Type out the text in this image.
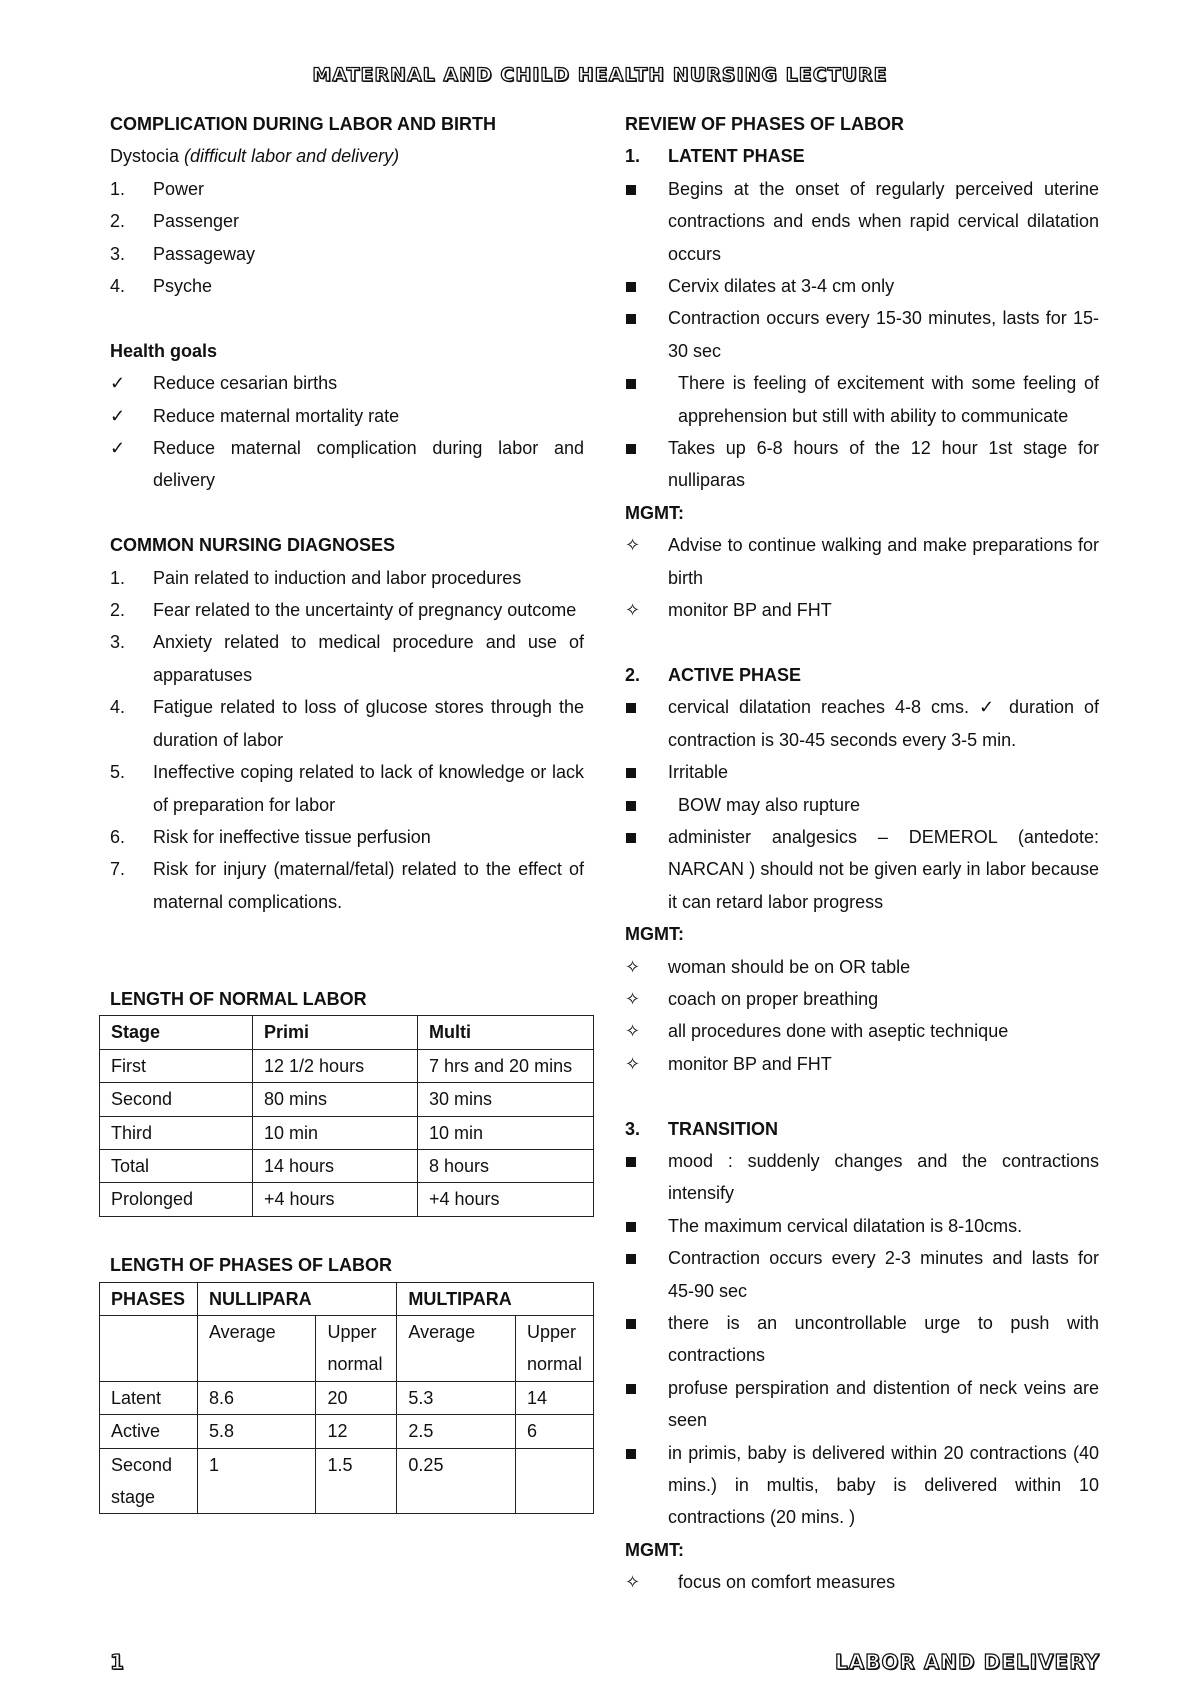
MATERNAL AND CHILD HEALTH NURSING LECTURE
COMPLICATION DURING LABOR AND BIRTH
Dystocia (difficult labor and delivery)
1.	Power
2.	Passenger
3.	Passageway
4.	Psyche
Health goals
✓	Reduce cesarian births
✓	Reduce maternal mortality rate
✓	Reduce maternal complication during labor and delivery
COMMON NURSING DIAGNOSES
1.	Pain related to induction and labor procedures
2.	Fear related to the uncertainty of pregnancy outcome
3.	Anxiety related to medical procedure and use of apparatuses
4.	Fatigue related to loss of glucose stores through the duration of labor
5.	Ineffective coping related to lack of knowledge or lack of preparation for labor
6.	Risk for ineffective tissue perfusion
7.	Risk for injury (maternal/fetal) related to the effect of maternal complications.
LENGTH OF NORMAL LABOR
Stage	Primi	Multi
First	12 1/2 hours	7 hrs and 20 mins
Second	80 mins	30 mins
Third	10 min	10 min
Total	14 hours	8 hours
Prolonged	+4 hours	+4 hours
LENGTH OF PHASES OF LABOR
PHASES	NULLIPARA		MULTIPARA	
	Average	Upper normal	Average	Upper normal
Latent	8.6	20	5.3	14
Active	5.8	12	2.5	6
Second stage	1	1.5	0.25	
REVIEW OF PHASES OF LABOR
1.	LATENT PHASE
Begins at the onset of regularly perceived uterine contractions and ends when rapid cervical dilatation occurs
Cervix dilates at 3-4 cm only
Contraction occurs every 15-30 minutes, lasts for 15-30 sec
There is feeling of excitement with some feeling of apprehension but still with ability to communicate
Takes up 6-8 hours of the 12 hour 1st stage for nulliparas
MGMT:
✧	Advise to continue walking and make preparations for birth
✧	monitor BP and FHT
2.	ACTIVE PHASE
cervical dilatation reaches 4-8 cms. ✓ duration of contraction is 30-45 seconds every 3-5 min.
Irritable
BOW may also rupture
administer analgesics – DEMEROL (antedote: NARCAN ) should not be given early in labor because it can retard labor progress
MGMT:
✧	woman should be on OR table
✧	coach on proper breathing
✧	all procedures done with aseptic technique
✧	monitor BP and FHT
3.	TRANSITION
mood : suddenly changes and the contractions intensify
The maximum cervical dilatation is 8-10cms.
Contraction occurs every 2-3 minutes and lasts for 45-90 sec
there is an uncontrollable urge to push with contractions
profuse perspiration and distention of neck veins are seen
in primis, baby is delivered within 20 contractions (40 mins.) in multis, baby is delivered within 10 contractions (20 mins. )
MGMT:
✧	focus on comfort measures
1	LABOR AND DELIVERY
